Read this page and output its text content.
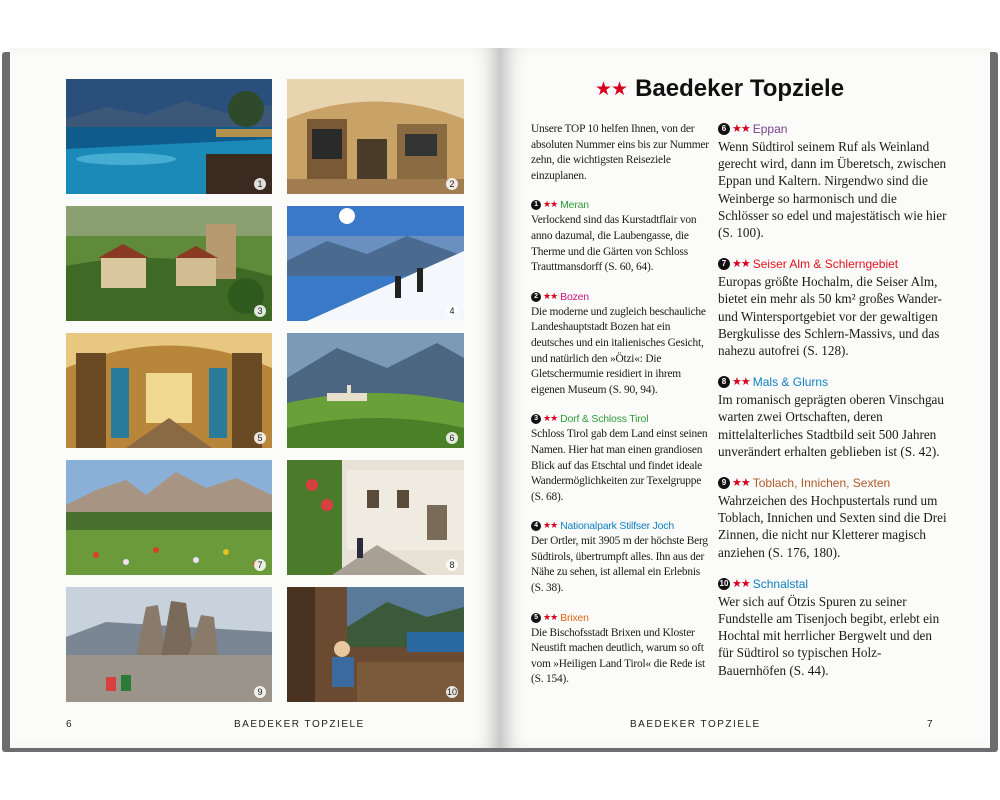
1	2
3	4
5	6
7	8
9	10
6	BAEDEKER TOPZIELE
★★ Baedeker Topziele
Unsere TOP 10 helfen Ihnen, von der absoluten Nummer eins bis zur Nummer zehn, die wichtigsten Reiseziele einzuplanen.
1 ★★ Meran
Verlockend sind das Kurstadtflair von anno dazumal, die Laubengasse, die Therme und die Gärten von Schloss Trauttmansdorff (S. 60, 64).
2 ★★ Bozen
Die moderne und zugleich beschauliche Landeshauptstadt Bozen hat ein deutsches und ein italienisches Gesicht, und natürlich den »Ötzi«: Die Gletschermumie residiert in ihrem eigenen Museum (S. 90, 94).
3 ★★ Dorf & Schloss Tirol
Schloss Tirol gab dem Land einst seinen Namen. Hier hat man einen grandiosen Blick auf das Etschtal und findet ideale Wandermöglichkeiten zur Texelgruppe (S. 68).
4 ★★ Nationalpark Stilfser Joch
Der Ortler, mit 3905 m der höchste Berg Südtirols, übertrumpft alles. Ihn aus der Nähe zu sehen, ist allemal ein Erlebnis (S. 38).
5 ★★ Brixen
Die Bischofsstadt Brixen und Kloster Neustift machen deutlich, warum so oft vom »Heiligen Land Tirol« die Rede ist (S. 154).
6 ★★ Eppan
Wenn Südtirol seinem Ruf als Weinland gerecht wird, dann im Überetsch, zwischen Eppan und Kaltern. Nirgendwo sind die Weinberge so harmonisch und die Schlösser so edel und majestätisch wie hier (S. 100).
7 ★★ Seiser Alm & Schlerngebiet
Europas größte Hochalm, die Seiser Alm, bietet ein mehr als 50 km² großes Wander- und Wintersportgebiet vor der gewaltigen Bergkulisse des Schlern-Massivs, und das nahezu autofrei (S. 128).
8 ★★ Mals & Glurns
Im romanisch geprägten oberen Vinschgau warten zwei Ortschaften, deren mittelalterliches Stadtbild seit 500 Jahren unverändert erhalten geblieben ist (S. 42).
9 ★★ Toblach, Innichen, Sexten
Wahrzeichen des Hochpustertals rund um Toblach, Innichen und Sexten sind die Drei Zinnen, die nicht nur Kletterer magisch anziehen (S. 176, 180).
10 ★★ Schnalstal
Wer sich auf Ötzis Spuren zu seiner Fundstelle am Tisenjoch begibt, erlebt ein Hochtal mit herrlicher Bergwelt und den für Südtirol so typischen Holz-Bauernhöfen (S. 44).
BAEDEKER TOPZIELE	7
